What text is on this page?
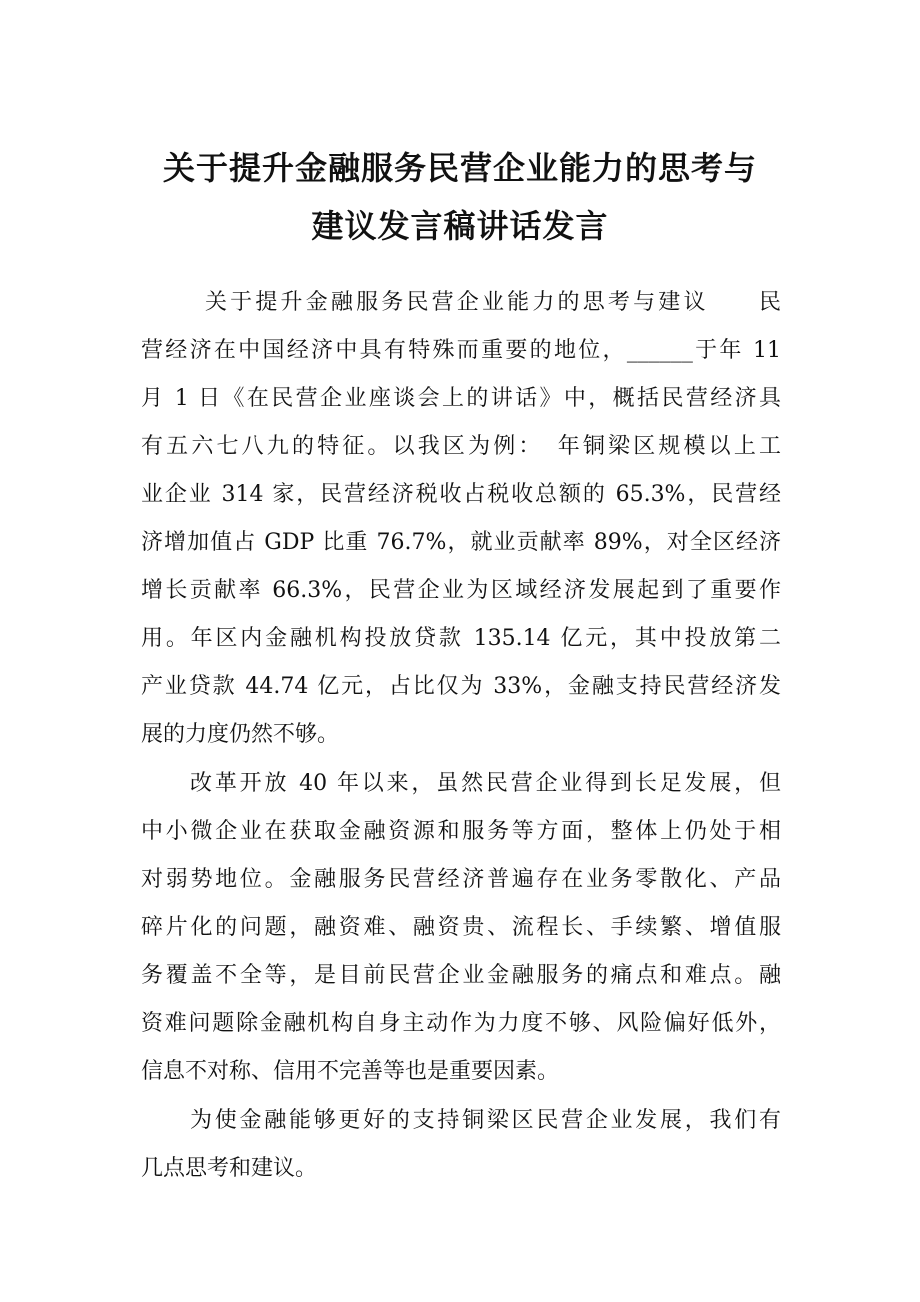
关于提升金融服务民营企业能力的思考与
建议发言稿讲话发言
关于提升金融服务民营企业能力的思考与建议　　民
营经济在中国经济中具有特殊而重要的地位，______于年 11
月 1 日《在民营企业座谈会上的讲话》中，概括民营经济具
有五六七八九的特征。以我区为例：　年铜梁区规模以上工
业企业 314 家，民营经济税收占税收总额的 65.3%，民营经
济增加值占 GDP 比重 76.7%，就业贡献率 89%，对全区经济
增长贡献率 66.3%，民营企业为区域经济发展起到了重要作
用。年区内金融机构投放贷款 135.14 亿元，其中投放第二
产业贷款 44.74 亿元，占比仅为 33%，金融支持民营经济发
展的力度仍然不够。
改革开放 40 年以来，虽然民营企业得到长足发展，但
中小微企业在获取金融资源和服务等方面，整体上仍处于相
对弱势地位。金融服务民营经济普遍存在业务零散化、产品
碎片化的问题，融资难、融资贵、流程长、手续繁、增值服
务覆盖不全等，是目前民营企业金融服务的痛点和难点。融
资难问题除金融机构自身主动作为力度不够、风险偏好低外，
信息不对称、信用不完善等也是重要因素。
为使金融能够更好的支持铜梁区民营企业发展，我们有
几点思考和建议。
